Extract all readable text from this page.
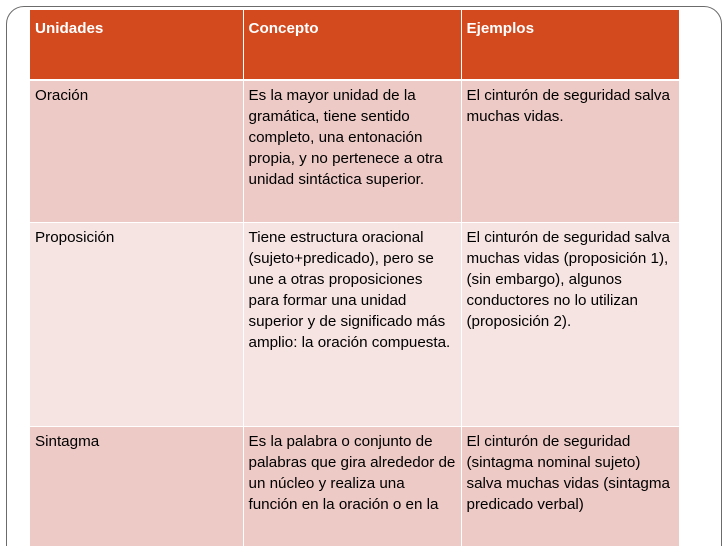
Unidades	Concepto	Ejemplos
Oración	Es la mayor unidad de la gramática, tiene sentido completo, una entonación propia, y no pertenece a otra unidad sintáctica superior.	El cinturón de seguridad salva muchas vidas.
Proposición	Tiene estructura oracional (sujeto+predicado), pero se une a otras proposiciones para formar una unidad superior y de significado más amplio: la oración compuesta.	El cinturón de seguridad salva muchas vidas (proposición 1), (sin embargo), algunos conductores no lo utilizan (proposición 2).
Sintagma	Es la palabra o conjunto de palabras que gira alrededor de un núcleo y realiza una función en la oración o en la	El cinturón de seguridad (sintagma nominal sujeto) salva muchas vidas (sintagma predicado verbal)
